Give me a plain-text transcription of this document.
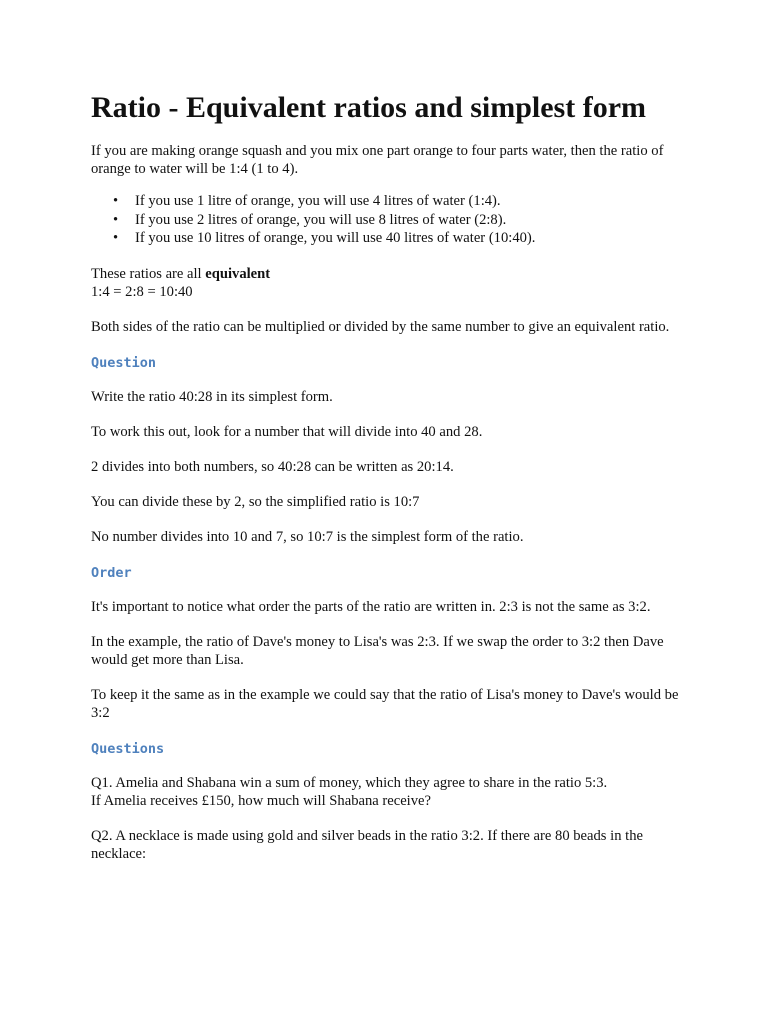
Ratio - Equivalent ratios and simplest form

If you are making orange squash and you mix one part orange to four parts water, then the ratio of orange to water will be 1:4 (1 to 4).

• If you use 1 litre of orange, you will use 4 litres of water (1:4).
• If you use 2 litres of orange, you will use 8 litres of water (2:8).
• If you use 10 litres of orange, you will use 40 litres of water (10:40).

These ratios are all equivalent
1:4 = 2:8 = 10:40

Both sides of the ratio can be multiplied or divided by the same number to give an equivalent ratio.

Question

Write the ratio 40:28 in its simplest form.

To work this out, look for a number that will divide into 40 and 28.

2 divides into both numbers, so 40:28 can be written as 20:14.

You can divide these by 2, so the simplified ratio is 10:7

No number divides into 10 and 7, so 10:7 is the simplest form of the ratio.

Order

It's important to notice what order the parts of the ratio are written in. 2:3 is not the same as 3:2.

In the example, the ratio of Dave's money to Lisa's was 2:3. If we swap the order to 3:2 then Dave would get more than Lisa.

To keep it the same as in the example we could say that the ratio of Lisa's money to Dave's would be 3:2

Questions

Q1. Amelia and Shabana win a sum of money, which they agree to share in the ratio 5:3.
If Amelia receives £150, how much will Shabana receive?

Q2. A necklace is made using gold and silver beads in the ratio 3:2. If there are 80 beads in the necklace:
